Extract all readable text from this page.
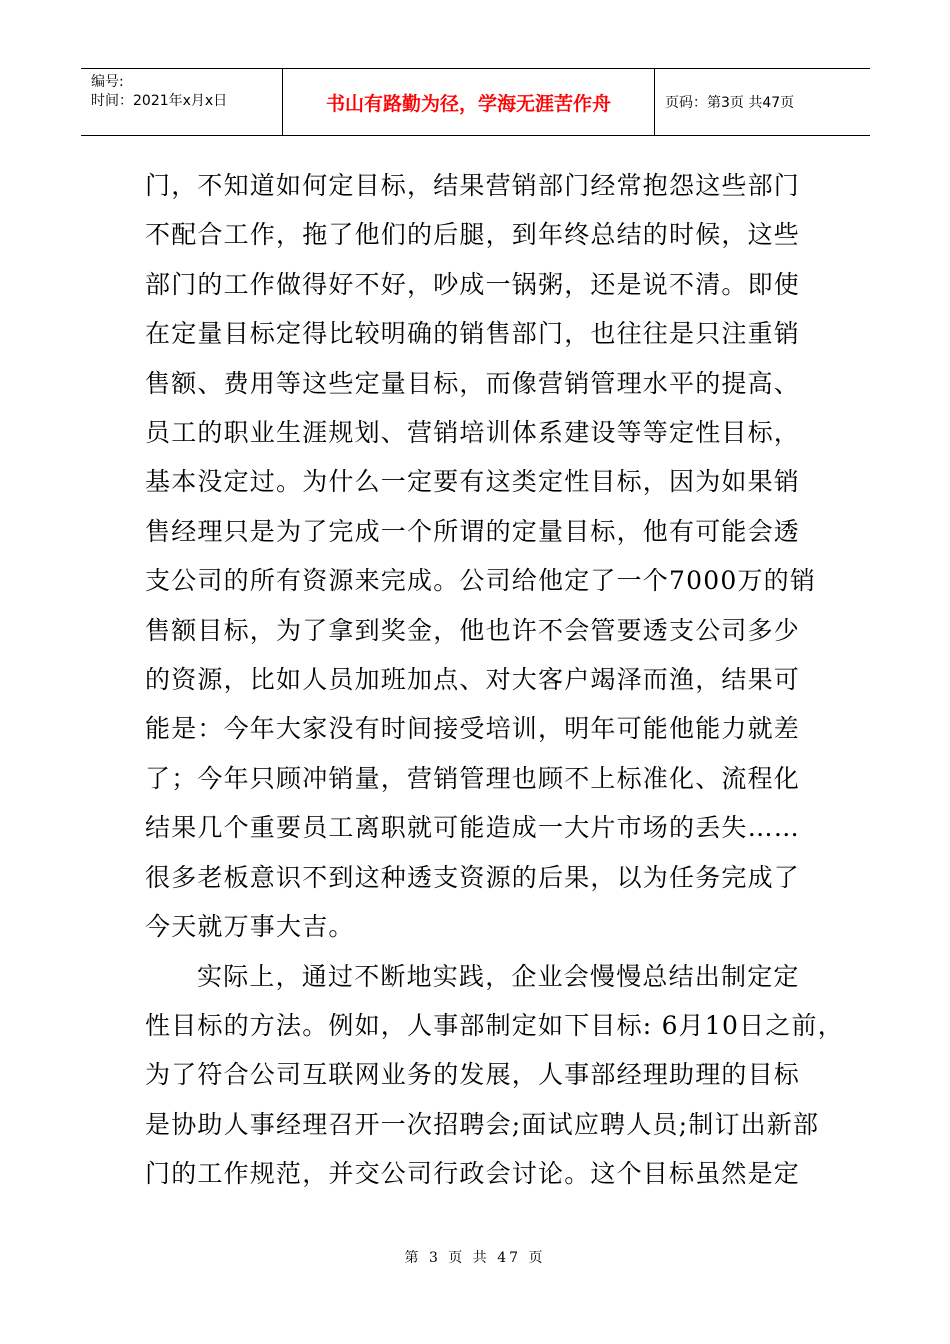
编号:
时间：2021年x月x日	书山有路勤为径，学海无涯苦作舟	页码：第3页 共47页

门，不知道如何定目标，结果营销部门经常抱怨这些部门
不配合工作，拖了他们的后腿，到年终总结的时候，这些
部门的工作做得好不好，吵成一锅粥，还是说不清。即使
在定量目标定得比较明确的销售部门，也往往是只注重销
售额、费用等这些定量目标，而像营销管理水平的提高、
员工的职业生涯规划、营销培训体系建设等等定性目标，
基本没定过。为什么一定要有这类定性目标，因为如果销
售经理只是为了完成一个所谓的定量目标，他有可能会透
支公司的所有资源来完成。公司给他定了一个7000万的销
售额目标，为了拿到奖金，他也许不会管要透支公司多少
的资源，比如人员加班加点、对大客户竭泽而渔，结果可
能是：今年大家没有时间接受培训，明年可能他能力就差
了；今年只顾冲销量，营销管理也顾不上标准化、流程化
结果几个重要员工离职就可能造成一大片市场的丢失……
很多老板意识不到这种透支资源的后果，以为任务完成了
今天就万事大吉。

实际上，通过不断地实践，企业会慢慢总结出制定定
性目标的方法。例如，人事部制定如下目标: 6月10日之前，
为了符合公司互联网业务的发展，人事部经理助理的目标
是协助人事经理召开一次招聘会;面试应聘人员;制订出新部
门的工作规范，并交公司行政会讨论。这个目标虽然是定

第 3 页 共 47 页
